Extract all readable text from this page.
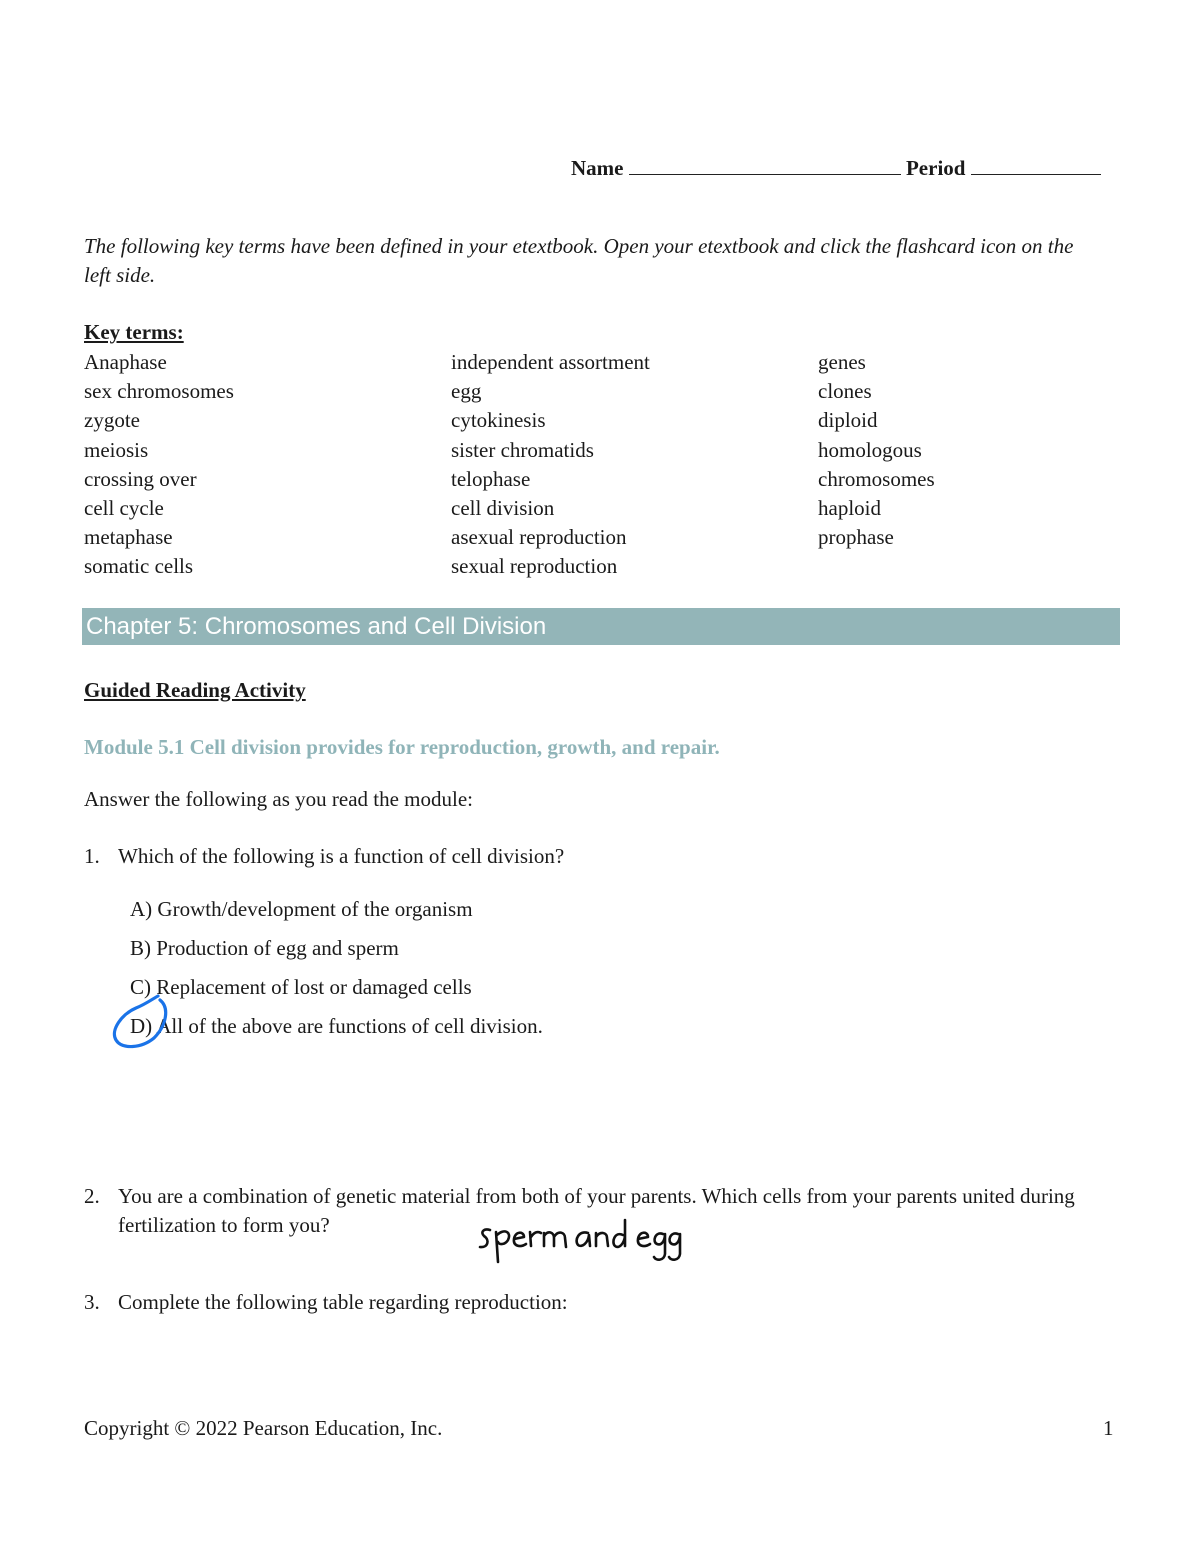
Name	Period
The following key terms have been defined in your etextbook. Open your etextbook and click the flashcard icon on the left side.
Key terms:
Anaphase
sex chromosomes
zygote
meiosis
crossing over
cell cycle
metaphase
somatic cells
independent assortment
egg
cytokinesis
sister chromatids
telophase
cell division
asexual reproduction
sexual reproduction
genes
clones
diploid
homologous
chromosomes
haploid
prophase
Chapter 5: Chromosomes and Cell Division
Guided Reading Activity
Module 5.1 Cell division provides for reproduction, growth, and repair.
Answer the following as you read the module:
1. Which of the following is a function of cell division?
A) Growth/development of the organism
B) Production of egg and sperm
C) Replacement of lost or damaged cells
D) All of the above are functions of cell division.
2. You are a combination of genetic material from both of your parents. Which cells from your parents united during fertilization to form you?
3. Complete the following table regarding reproduction:
Copyright © 2022 Pearson Education, Inc.	1
